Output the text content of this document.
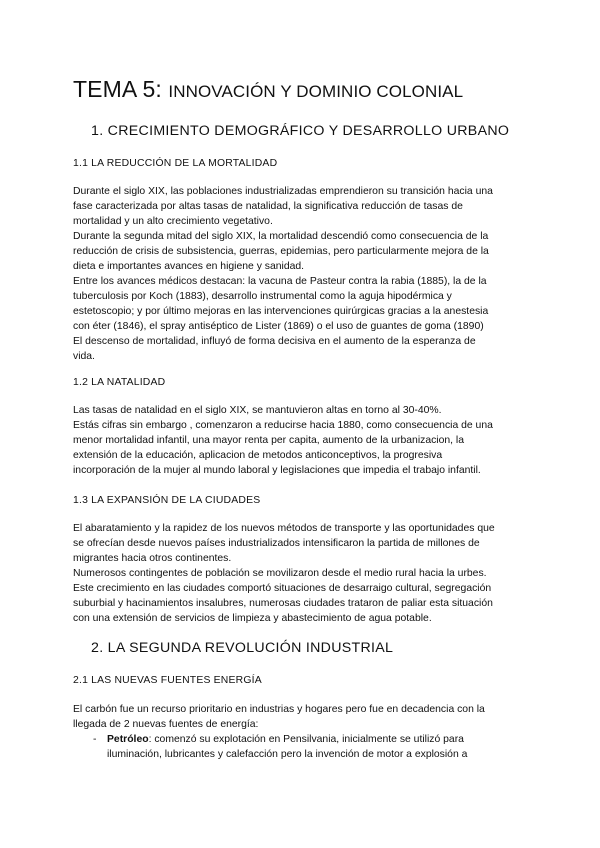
TEMA 5: INNOVACIÓN Y DOMINIO COLONIAL
1. CRECIMIENTO DEMOGRÁFICO Y DESARROLLO URBANO
1.1 LA REDUCCIÓN DE LA MORTALIDAD
Durante el siglo XIX, las poblaciones industrializadas emprendieron su transición hacia una
fase caracterizada por altas tasas de natalidad, la significativa reducción de tasas de
mortalidad y un alto crecimiento vegetativo.
Durante la segunda mitad del siglo XIX, la mortalidad descendió como consecuencia de la
reducción de crisis de subsistencia, guerras, epidemias, pero particularmente mejora de la
dieta e importantes avances en higiene y sanidad.
Entre los avances médicos destacan: la vacuna de Pasteur contra la rabia (1885), la de la
tuberculosis por Koch (1883), desarrollo instrumental como la aguja hipodérmica y
estetoscopio; y por último mejoras en las intervenciones quirúrgicas gracias a la anestesia
con éter (1846), el spray antiséptico de Lister (1869) o el uso de guantes de goma (1890)
El descenso de mortalidad, influyó de forma decisiva en el aumento de la esperanza de
vida.
1.2 LA NATALIDAD
Las tasas de natalidad en el siglo XIX, se mantuvieron altas en torno al 30-40%.
Estás cifras sin embargo , comenzaron a reducirse hacia 1880, como consecuencia de una
menor mortalidad infantil, una mayor renta per capita, aumento de la urbanizacion, la
extensión de la educación, aplicacion de metodos anticonceptivos, la progresiva
incorporación de la mujer al mundo laboral y legislaciones que impedia el trabajo infantil.
1.3 LA EXPANSIÓN DE LA CIUDADES
El abaratamiento y la rapidez de los nuevos métodos de transporte y las oportunidades que
se ofrecían desde nuevos países industrializados intensificaron la partida de millones de
migrantes hacia otros continentes.
Numerosos contingentes de población se movilizaron desde el medio rural hacia la urbes.
Este crecimiento en las ciudades comportó situaciones de desarraigo cultural, segregación
suburbial y hacinamientos insalubres, numerosas ciudades trataron de paliar esta situación
con una extensión de servicios de limpieza y abastecimiento de agua potable.
2. LA SEGUNDA REVOLUCIÓN INDUSTRIAL
2.1 LAS NUEVAS FUENTES ENERGÍA
El carbón fue un recurso prioritario en industrias y hogares pero fue en decadencia con la
llegada de 2 nuevas fuentes de energía:
- Petróleo: comenzó su explotación en Pensilvania, inicialmente se utilizó para
iluminación, lubricantes y calefacción pero la invención de motor a explosión a
